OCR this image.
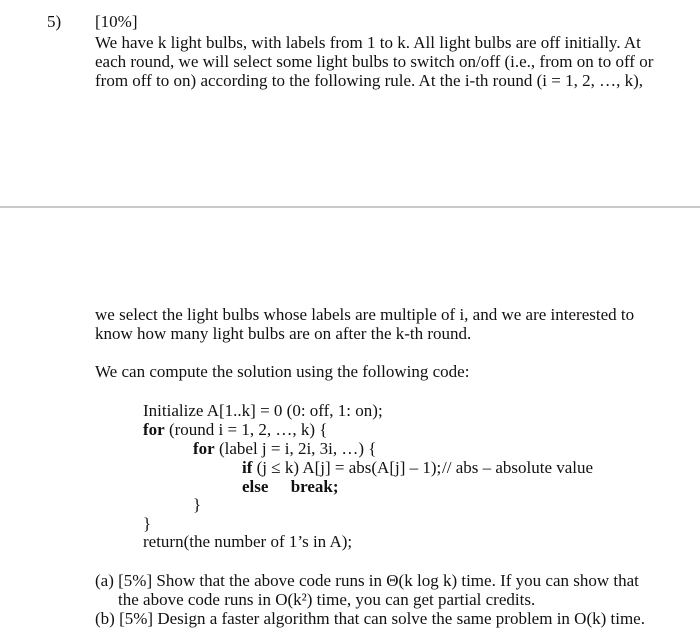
5) [10%]
We have k light bulbs, with labels from 1 to k. All light bulbs are off initially. At
each round, we will select some light bulbs to switch on/off (i.e., from on to off or
from off to on) according to the following rule. At the i-th round (i = 1, 2, …, k),
we select the light bulbs whose labels are multiple of i, and we are interested to
know how many light bulbs are on after the k-th round.
We can compute the solution using the following code:
Initialize A[1..k] = 0 (0: off, 1: on);
for (round i = 1, 2, …, k) {
for (label j = i, 2i, 3i, …) {
if (j ≤ k) A[j] = abs(A[j] – 1); // abs – absolute value
else break;
}
}
return(the number of 1’s in A);
(a) [5%] Show that the above code runs in Θ(k log k) time. If you can show that
the above code runs in O(k²) time, you can get partial credits.
(b) [5%] Design a faster algorithm that can solve the same problem in O(k) time.
